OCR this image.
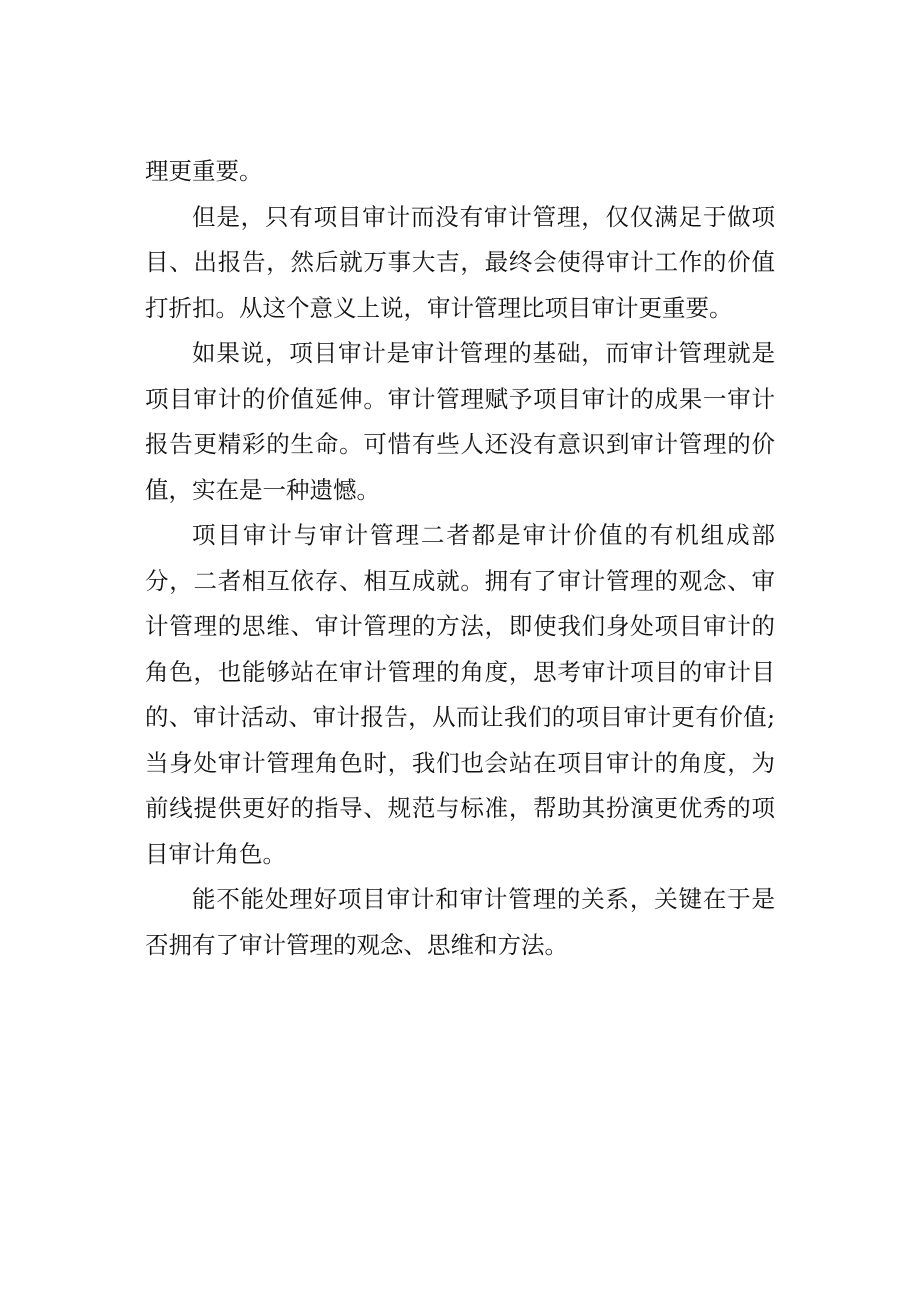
理更重要。

但是，只有项目审计而没有审计管理，仅仅满足于做项目、出报告，然后就万事大吉，最终会使得审计工作的价值打折扣。从这个意义上说，审计管理比项目审计更重要。

如果说，项目审计是审计管理的基础，而审计管理就是项目审计的价值延伸。审计管理赋予项目审计的成果一审计报告更精彩的生命。可惜有些人还没有意识到审计管理的价值，实在是一种遗憾。

项目审计与审计管理二者都是审计价值的有机组成部分，二者相互依存、相互成就。拥有了审计管理的观念、审计管理的思维、审计管理的方法，即使我们身处项目审计的角色，也能够站在审计管理的角度，思考审计项目的审计目的、审计活动、审计报告，从而让我们的项目审计更有价值;当身处审计管理角色时，我们也会站在项目审计的角度，为前线提供更好的指导、规范与标准，帮助其扮演更优秀的项目审计角色。

能不能处理好项目审计和审计管理的关系，关键在于是否拥有了审计管理的观念、思维和方法。
